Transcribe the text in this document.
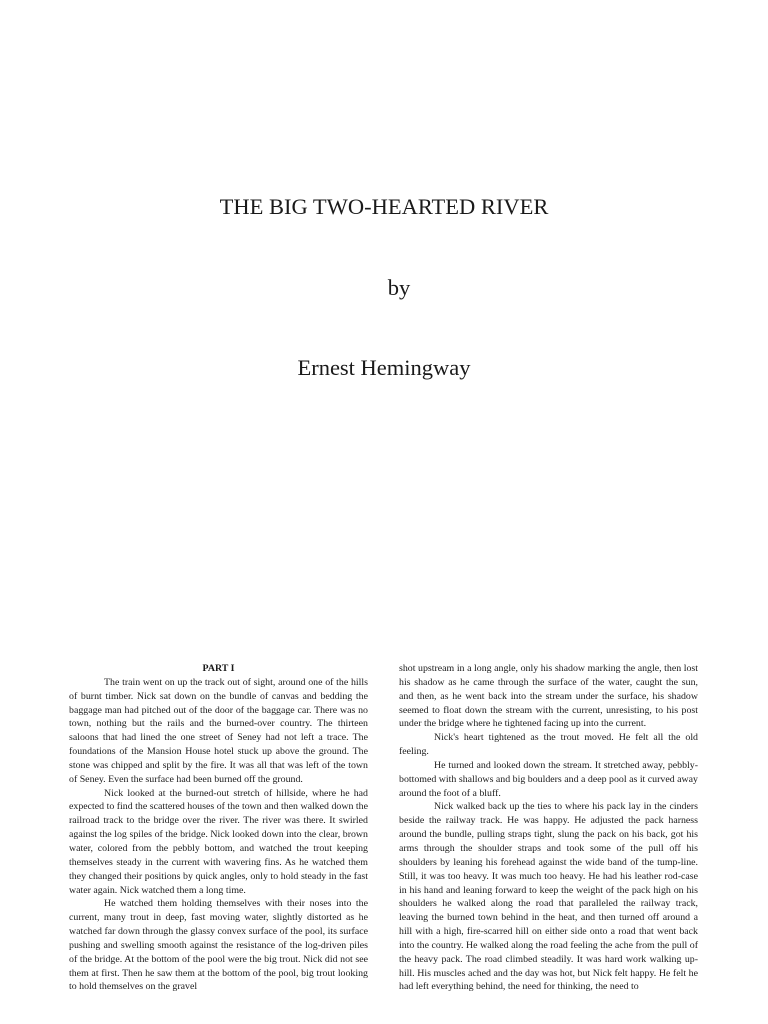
THE BIG TWO-HEARTED RIVER
by
Ernest Hemingway

PART I

The train went on up the track out of sight, around one of the hills of burnt timber. Nick sat down on the bundle of canvas and bedding the baggage man had pitched out of the door of the baggage car. There was no town, nothing but the rails and the burned-over country. The thirteen saloons that had lined the one street of Seney had not left a trace. The foundations of the Mansion House hotel stuck up above the ground. The stone was chipped and split by the fire. It was all that was left of the town of Seney. Even the surface had been burned off the ground.

Nick looked at the burned-out stretch of hillside, where he had expected to find the scattered houses of the town and then walked down the railroad track to the bridge over the river. The river was there. It swirled against the log spiles of the bridge. Nick looked down into the clear, brown water, colored from the pebbly bottom, and watched the trout keeping themselves steady in the current with wavering fins. As he watched them they changed their positions by quick angles, only to hold steady in the fast water again. Nick watched them a long time.

He watched them holding themselves with their noses into the current, many trout in deep, fast moving water, slightly distorted as he watched far down through the glassy convex surface of the pool, its surface pushing and swelling smooth against the resistance of the log-driven piles of the bridge. At the bottom of the pool were the big trout. Nick did not see them at first. Then he saw them at the bottom of the pool, big trout looking to hold themselves on the gravel

shot upstream in a long angle, only his shadow marking the angle, then lost his shadow as he came through the surface of the water, caught the sun, and then, as he went back into the stream under the surface, his shadow seemed to float down the stream with the current, unresisting, to his post under the bridge where he tightened facing up into the current.

Nick's heart tightened as the trout moved. He felt all the old feeling.

He turned and looked down the stream. It stretched away, pebbly-bottomed with shallows and big boulders and a deep pool as it curved away around the foot of a bluff.

Nick walked back up the ties to where his pack lay in the cinders beside the railway track. He was happy. He adjusted the pack harness around the bundle, pulling straps tight, slung the pack on his back, got his arms through the shoulder straps and took some of the pull off his shoulders by leaning his forehead against the wide band of the tump-line. Still, it was too heavy. It was much too heavy. He had his leather rod-case in his hand and leaning forward to keep the weight of the pack high on his shoulders he walked along the road that paralleled the railway track, leaving the burned town behind in the heat, and then turned off around a hill with a high, fire-scarred hill on either side onto a road that went back into the country. He walked along the road feeling the ache from the pull of the heavy pack. The road climbed steadily. It was hard work walking up-hill. His muscles ached and the day was hot, but Nick felt happy. He felt he had left everything behind, the need for thinking, the need to
